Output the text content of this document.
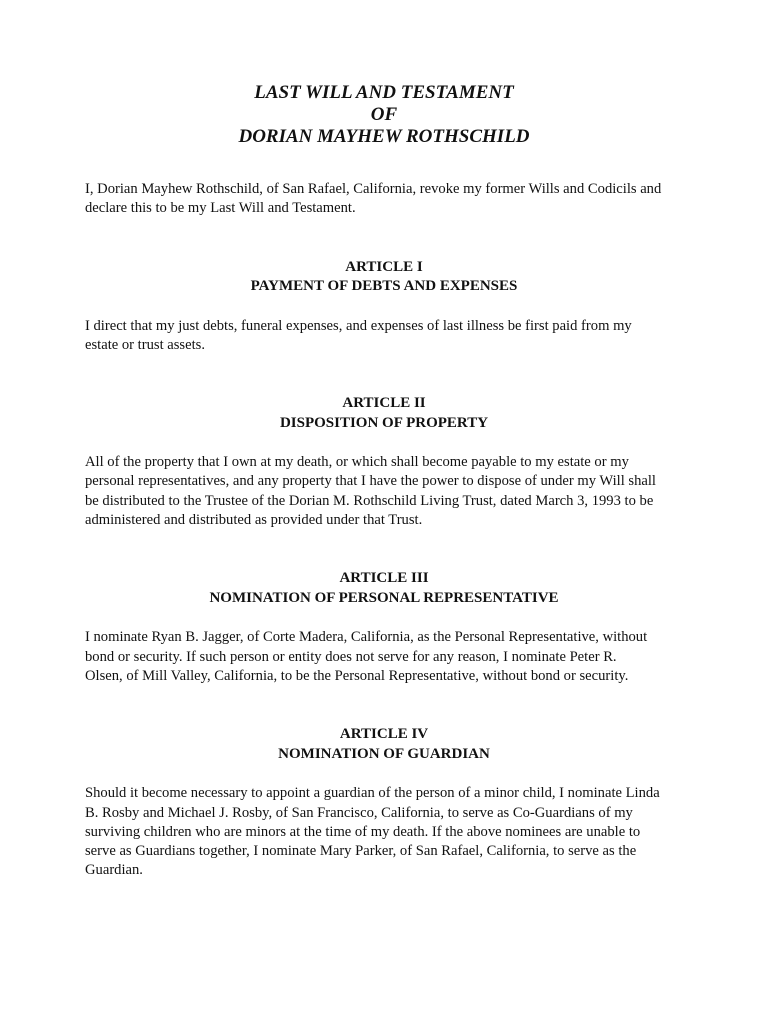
LAST WILL AND TESTAMENT
OF
DORIAN MAYHEW ROTHSCHILD
I, Dorian Mayhew Rothschild, of San Rafael, California, revoke my former Wills and Codicils and
declare this to be my Last Will and Testament.
ARTICLE I
PAYMENT OF DEBTS AND EXPENSES
I direct that my just debts, funeral expenses, and expenses of last illness be first paid from my
estate or trust assets.
ARTICLE II
DISPOSITION OF PROPERTY
All of the property that I own at my death, or which shall become payable to my estate or my
personal representatives, and any property that I have the power to dispose of under my Will shall
be distributed to the Trustee of the Dorian M. Rothschild Living Trust, dated March 3, 1993 to be
administered and distributed as provided under that Trust.
ARTICLE III
NOMINATION OF PERSONAL REPRESENTATIVE
I nominate Ryan B. Jagger, of Corte Madera, California, as the Personal Representative, without
bond or security. If such person or entity does not serve for any reason, I nominate Peter R.
Olsen, of Mill Valley, California, to be the Personal Representative, without bond or security.
ARTICLE IV
NOMINATION OF GUARDIAN
Should it become necessary to appoint a guardian of the person of a minor child, I nominate Linda
B. Rosby and Michael J. Rosby, of San Francisco, California, to serve as Co-Guardians of my
surviving children who are minors at the time of my death. If the above nominees are unable to
serve as Guardians together, I nominate Mary Parker, of San Rafael, California, to serve as the
Guardian.
